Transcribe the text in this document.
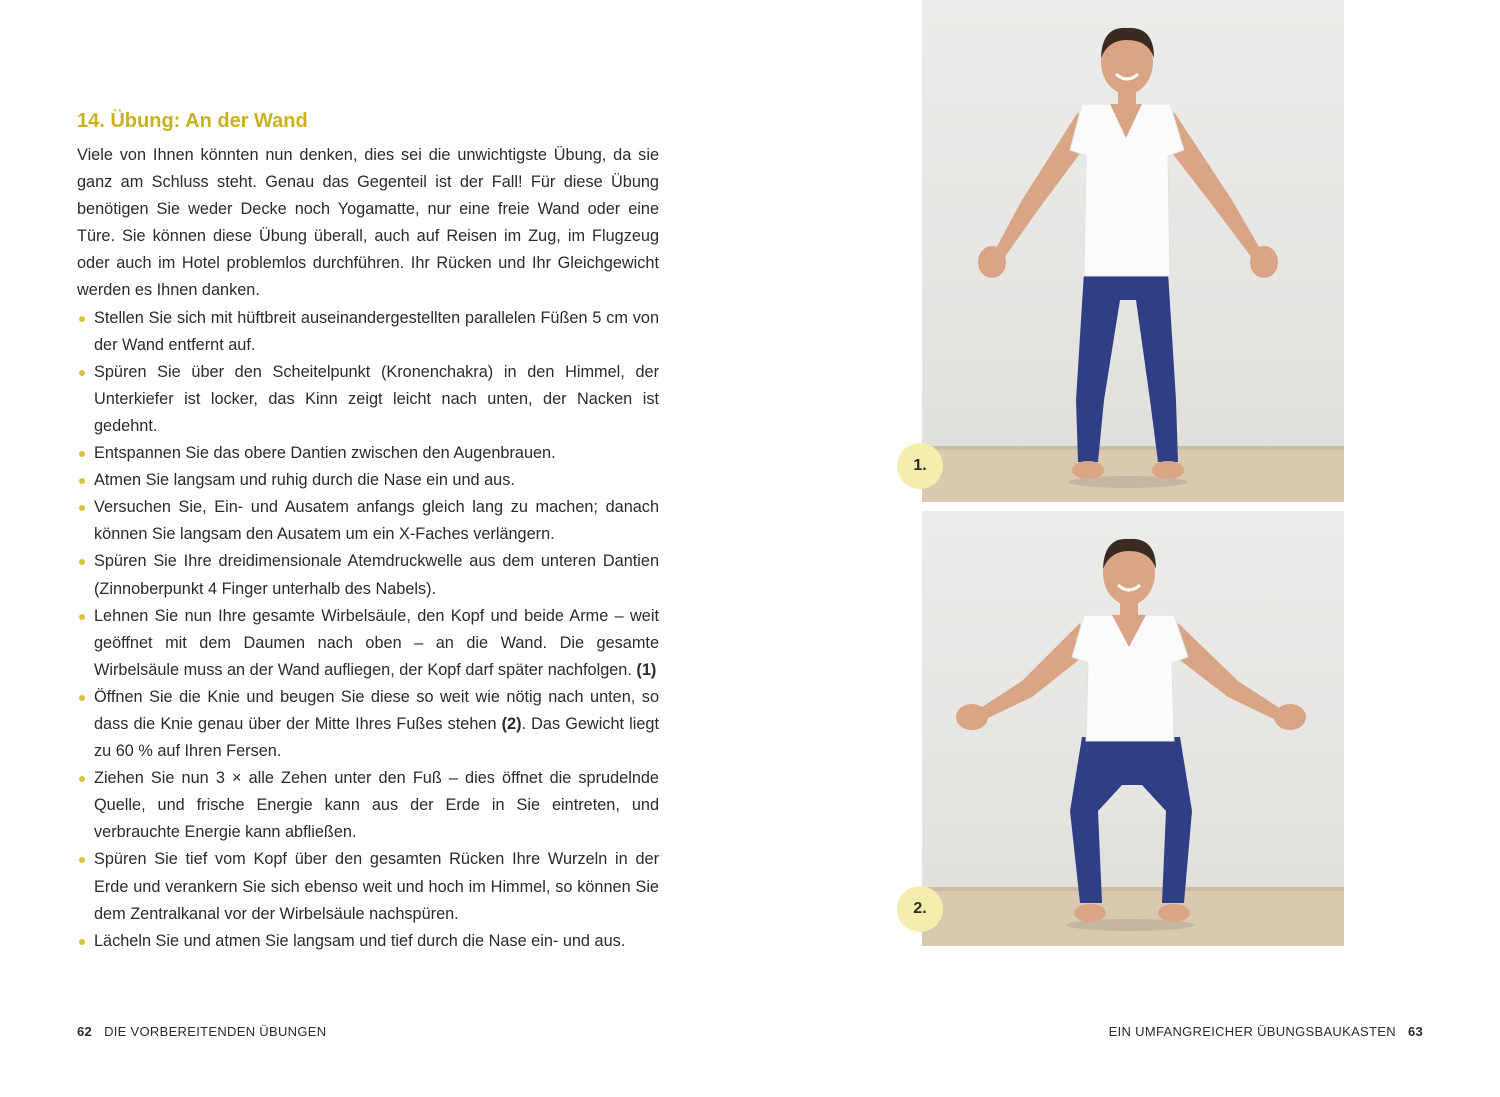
14. Übung: An der Wand

Viele von Ihnen könnten nun denken, dies sei die unwichtigste Übung, da sie ganz am Schluss steht. Genau das Gegenteil ist der Fall! Für diese Übung benötigen Sie weder Decke noch Yogamatte, nur eine freie Wand oder eine Türe. Sie können diese Übung überall, auch auf Reisen im Zug, im Flugzeug oder auch im Hotel problemlos durchführen. Ihr Rücken und Ihr Gleichgewicht werden es Ihnen danken.

Stellen Sie sich mit hüftbreit auseinandergestellten parallelen Füßen 5 cm von der Wand entfernt auf.
Spüren Sie über den Scheitelpunkt (Kronenchakra) in den Himmel, der Unterkiefer ist locker, das Kinn zeigt leicht nach unten, der Nacken ist gedehnt.
Entspannen Sie das obere Dantien zwischen den Augenbrauen.
Atmen Sie langsam und ruhig durch die Nase ein und aus.
Versuchen Sie, Ein- und Ausatem anfangs gleich lang zu machen; danach können Sie langsam den Ausatem um ein X-Faches verlängern.
Spüren Sie Ihre dreidimensionale Atemdruckwelle aus dem unteren Dantien (Zinnoberpunkt 4 Finger unterhalb des Nabels).
Lehnen Sie nun Ihre gesamte Wirbelsäule, den Kopf und beide Arme – weit geöffnet mit dem Daumen nach oben – an die Wand. Die gesamte Wirbelsäule muss an der Wand aufliegen, der Kopf darf später nachfolgen. (1)
Öffnen Sie die Knie und beugen Sie diese so weit wie nötig nach unten, so dass die Knie genau über der Mitte Ihres Fußes stehen (2). Das Gewicht liegt zu 60 % auf Ihren Fersen.
Ziehen Sie nun 3 × alle Zehen unter den Fuß – dies öffnet die sprudelnde Quelle, und frische Energie kann aus der Erde in Sie eintreten, und verbrauchte Energie kann abfließen.
Spüren Sie tief vom Kopf über den gesamten Rücken Ihre Wurzeln in der Erde und verankern Sie sich ebenso weit und hoch im Himmel, so können Sie dem Zentralkanal vor der Wirbelsäule nachspüren.
Lächeln Sie und atmen Sie langsam und tief durch die Nase ein- und aus.
1.
2.
62 DIE VORBEREITENDEN ÜBUNGEN	EIN UMFANGREICHER ÜBUNGSBAUKASTEN 63
